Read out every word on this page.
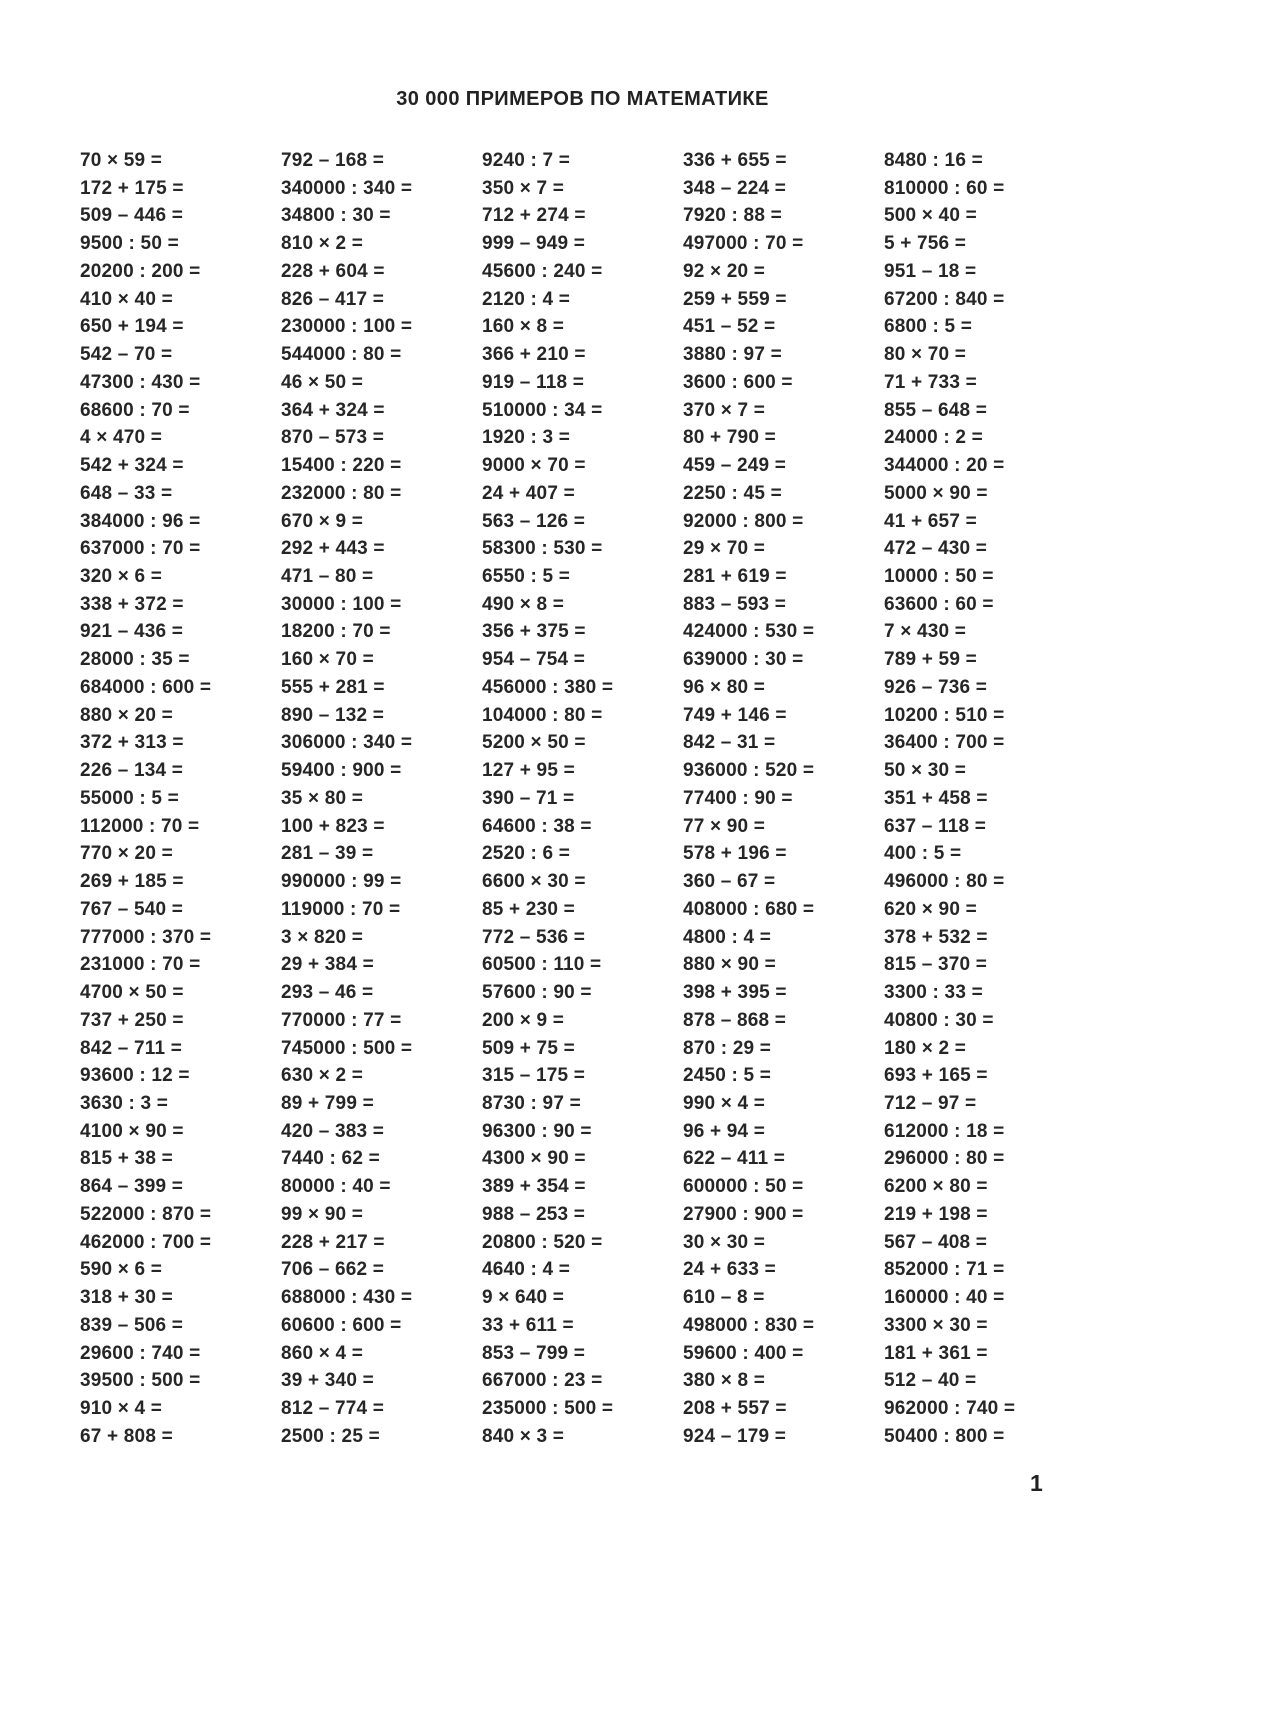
30 000 ПРИМЕРОВ ПО МАТЕМАТИКЕ
70 × 59 =
172 + 175 =
509 – 446 =
9500 : 50 =
20200 : 200 =
410 × 40 =
650 + 194 =
542 – 70 =
47300 : 430 =
68600 : 70 =
4 × 470 =
542 + 324 =
648 – 33 =
384000 : 96 =
637000 : 70 =
320 × 6 =
338 + 372 =
921 – 436 =
28000 : 35 =
684000 : 600 =
880 × 20 =
372 + 313 =
226 – 134 =
55000 : 5 =
112000 : 70 =
770 × 20 =
269 + 185 =
767 – 540 =
777000 : 370 =
231000 : 70 =
4700 × 50 =
737 + 250 =
842 – 711 =
93600 : 12 =
3630 : 3 =
4100 × 90 =
815 + 38 =
864 – 399 =
522000 : 870 =
462000 : 700 =
590 × 6 =
318 + 30 =
839 – 506 =
29600 : 740 =
39500 : 500 =
910 × 4 =
67 + 808 =
792 – 168 =
340000 : 340 =
34800 : 30 =
810 × 2 =
228 + 604 =
826 – 417 =
230000 : 100 =
544000 : 80 =
46 × 50 =
364 + 324 =
870 – 573 =
15400 : 220 =
232000 : 80 =
670 × 9 =
292 + 443 =
471 – 80 =
30000 : 100 =
18200 : 70 =
160 × 70 =
555 + 281 =
890 – 132 =
306000 : 340 =
59400 : 900 =
35 × 80 =
100 + 823 =
281 – 39 =
990000 : 99 =
119000 : 70 =
3 × 820 =
29 + 384 =
293 – 46 =
770000 : 77 =
745000 : 500 =
630 × 2 =
89 + 799 =
420 – 383 =
7440 : 62 =
80000 : 40 =
99 × 90 =
228 + 217 =
706 – 662 =
688000 : 430 =
60600 : 600 =
860 × 4 =
39 + 340 =
812 – 774 =
2500 : 25 =
9240 : 7 =
350 × 7 =
712 + 274 =
999 – 949 =
45600 : 240 =
2120 : 4 =
160 × 8 =
366 + 210 =
919 – 118 =
510000 : 34 =
1920 : 3 =
9000 × 70 =
24 + 407 =
563 – 126 =
58300 : 530 =
6550 : 5 =
490 × 8 =
356 + 375 =
954 – 754 =
456000 : 380 =
104000 : 80 =
5200 × 50 =
127 + 95 =
390 – 71 =
64600 : 38 =
2520 : 6 =
6600 × 30 =
85 + 230 =
772 – 536 =
60500 : 110 =
57600 : 90 =
200 × 9 =
509 + 75 =
315 – 175 =
8730 : 97 =
96300 : 90 =
4300 × 90 =
389 + 354 =
988 – 253 =
20800 : 520 =
4640 : 4 =
9 × 640 =
33 + 611 =
853 – 799 =
667000 : 23 =
235000 : 500 =
840 × 3 =
336 + 655 =
348 – 224 =
7920 : 88 =
497000 : 70 =
92 × 20 =
259 + 559 =
451 – 52 =
3880 : 97 =
3600 : 600 =
370 × 7 =
80 + 790 =
459 – 249 =
2250 : 45 =
92000 : 800 =
29 × 70 =
281 + 619 =
883 – 593 =
424000 : 530 =
639000 : 30 =
96 × 80 =
749 + 146 =
842 – 31 =
936000 : 520 =
77400 : 90 =
77 × 90 =
578 + 196 =
360 – 67 =
408000 : 680 =
4800 : 4 =
880 × 90 =
398 + 395 =
878 – 868 =
870 : 29 =
2450 : 5 =
990 × 4 =
96 + 94 =
622 – 411 =
600000 : 50 =
27900 : 900 =
30 × 30 =
24 + 633 =
610 – 8 =
498000 : 830 =
59600 : 400 =
380 × 8 =
208 + 557 =
924 – 179 =
8480 : 16 =
810000 : 60 =
500 × 40 =
5 + 756 =
951 – 18 =
67200 : 840 =
6800 : 5 =
80 × 70 =
71 + 733 =
855 – 648 =
24000 : 2 =
344000 : 20 =
5000 × 90 =
41 + 657 =
472 – 430 =
10000 : 50 =
63600 : 60 =
7 × 430 =
789 + 59 =
926 – 736 =
10200 : 510 =
36400 : 700 =
50 × 30 =
351 + 458 =
637 – 118 =
400 : 5 =
496000 : 80 =
620 × 90 =
378 + 532 =
815 – 370 =
3300 : 33 =
40800 : 30 =
180 × 2 =
693 + 165 =
712 – 97 =
612000 : 18 =
296000 : 80 =
6200 × 80 =
219 + 198 =
567 – 408 =
852000 : 71 =
160000 : 40 =
3300 × 30 =
181 + 361 =
512 – 40 =
962000 : 740 =
50400 : 800 =
1
